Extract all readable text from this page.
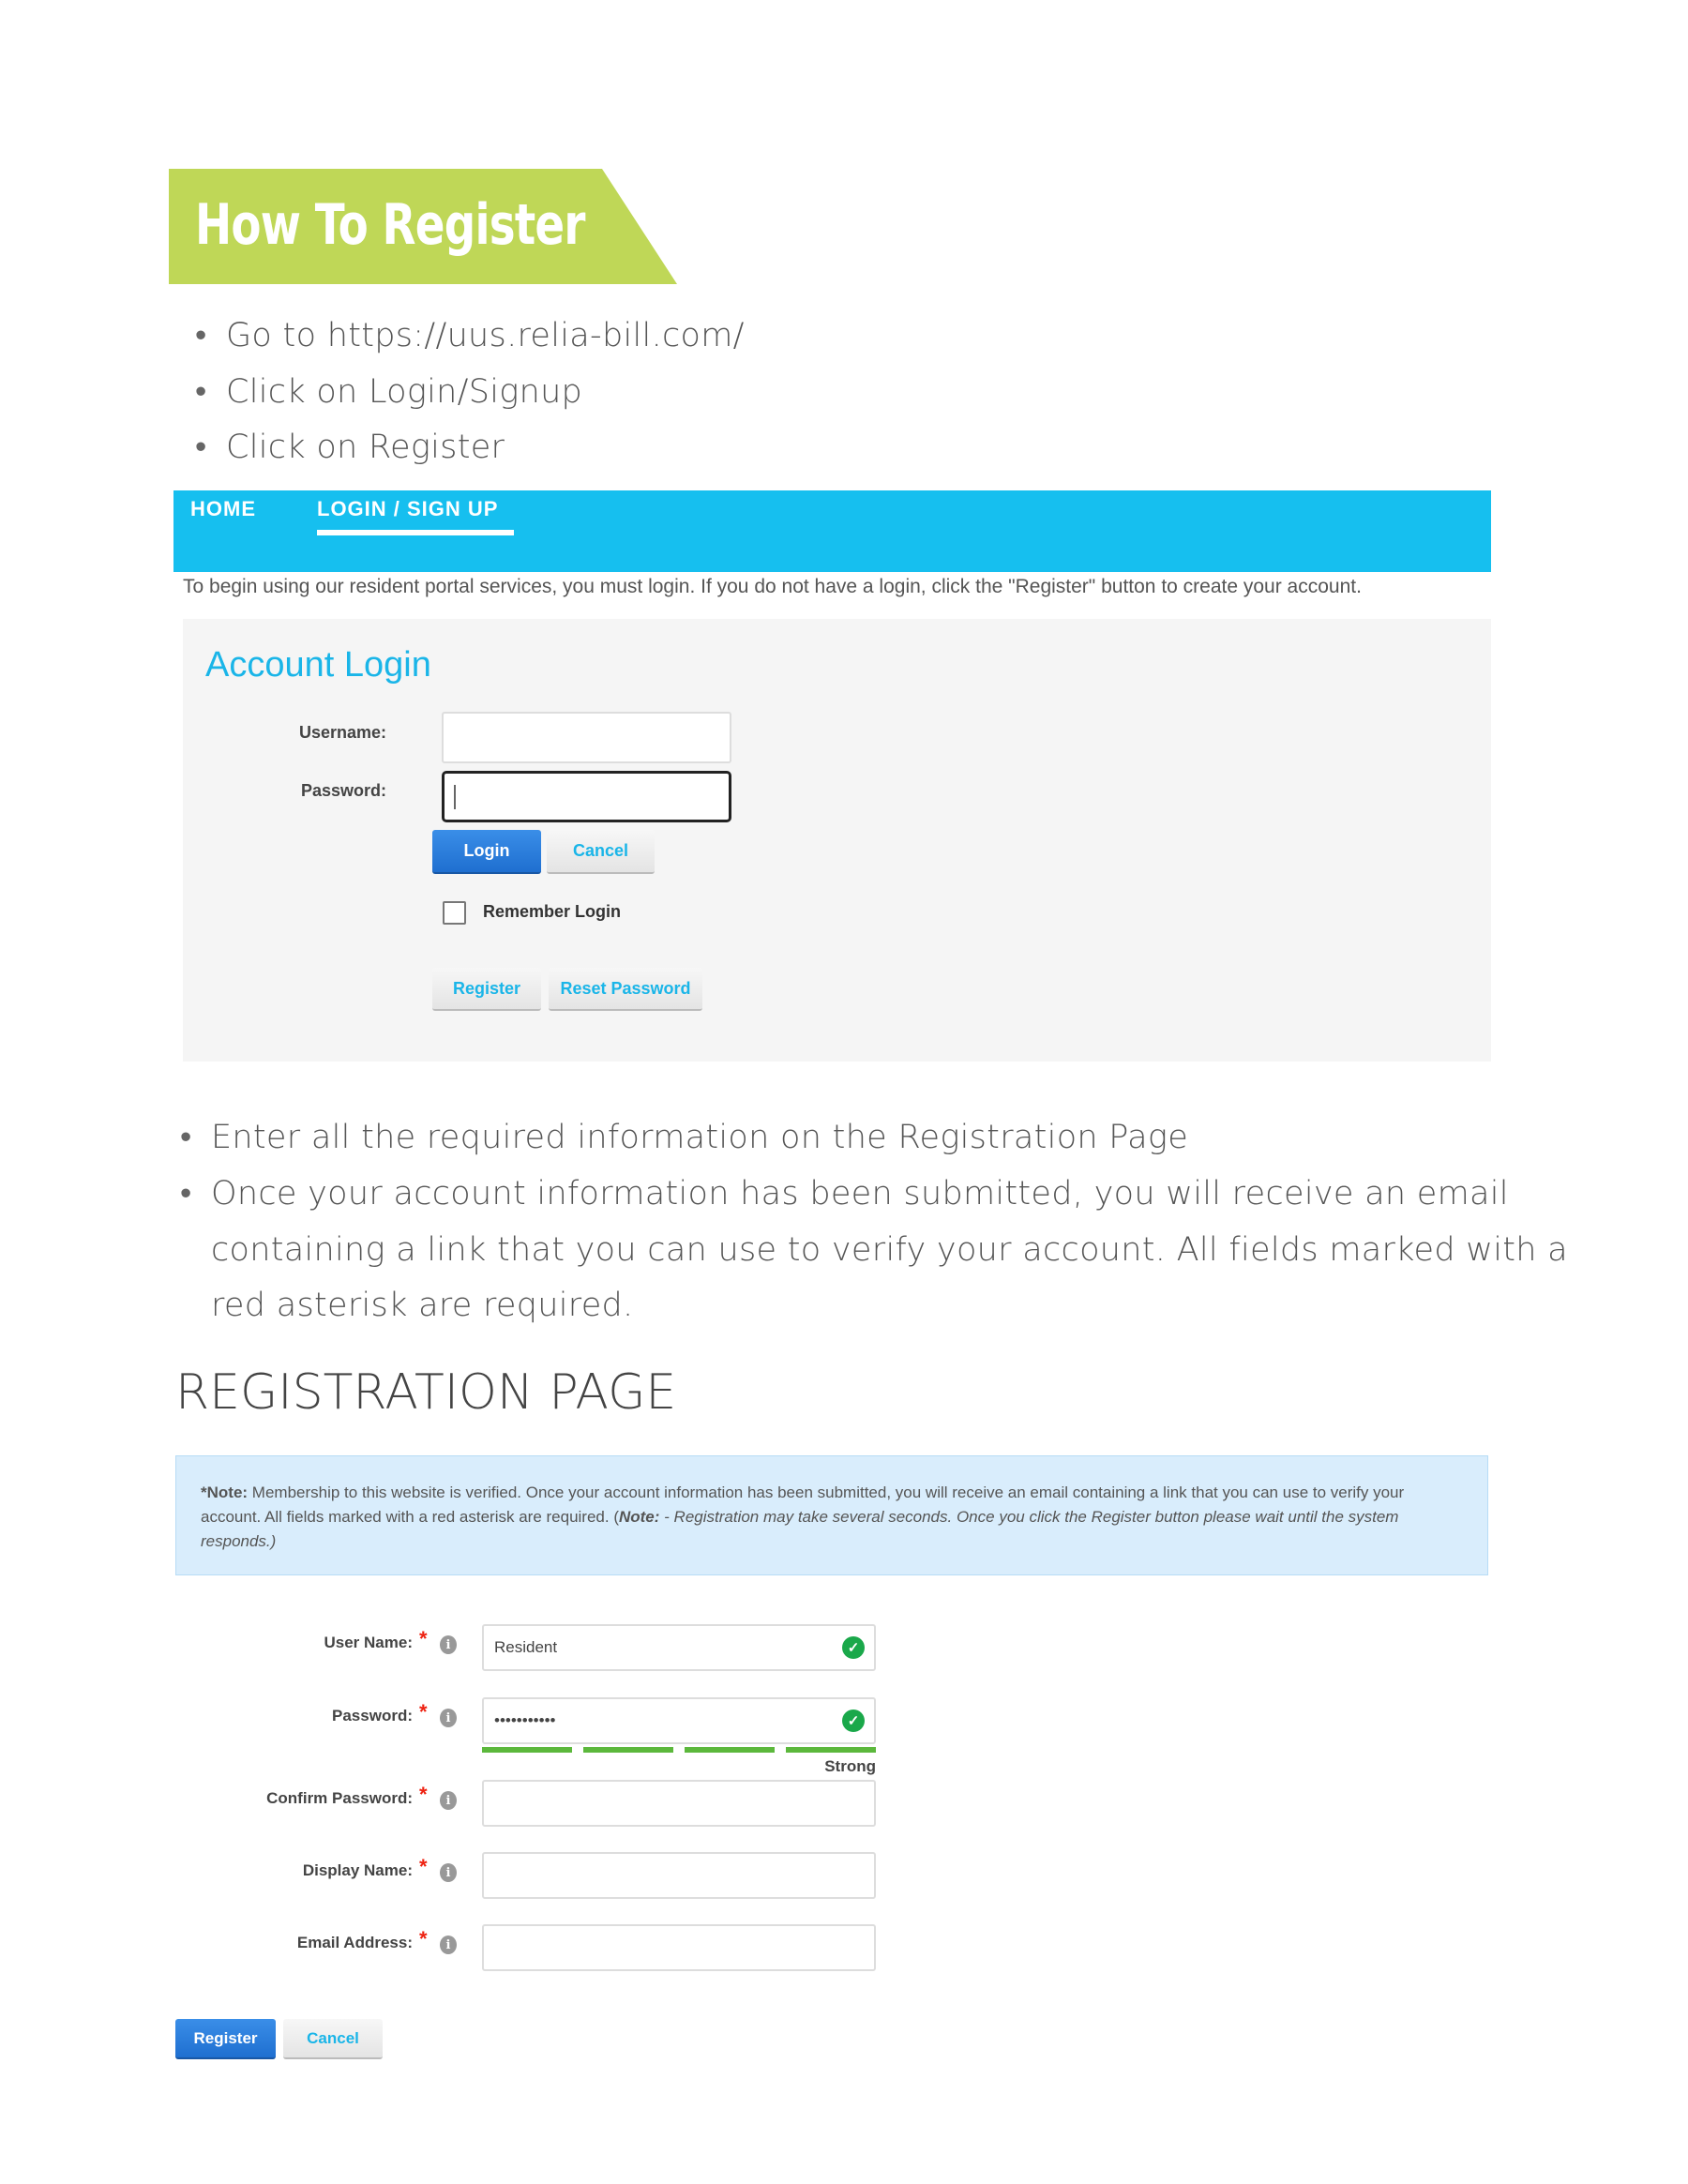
How To Register
• Go to https://uus.relia-bill.com/
• Click on Login/Signup
• Click on Register
HOME	LOGIN / SIGN UP
To begin using our resident portal services, you must login. If you do not have a login, click the "Register" button to create your account.
Account Login
Username:
Password:
Login	Cancel
Remember Login
Register	Reset Password
• Enter all the required information on the Registration Page
• Once your account information has been submitted, you will receive an email
containing a link that you can use to verify your account. All fields marked with a
red asterisk are required.
REGISTRATION PAGE
*Note: Membership to this website is verified. Once your account information has been submitted, you will receive an email containing a link that you can use to verify your account. All fields marked with a red asterisk are required. (Note: - Registration may take several seconds. Once you click the Register button please wait until the system responds.)
User Name: *	i	Resident	✓
Password: *	i	•••••••••••	✓
Confirm Password: *	i
Display Name: *	i
Email Address: *	i
Strong
Register	Cancel
